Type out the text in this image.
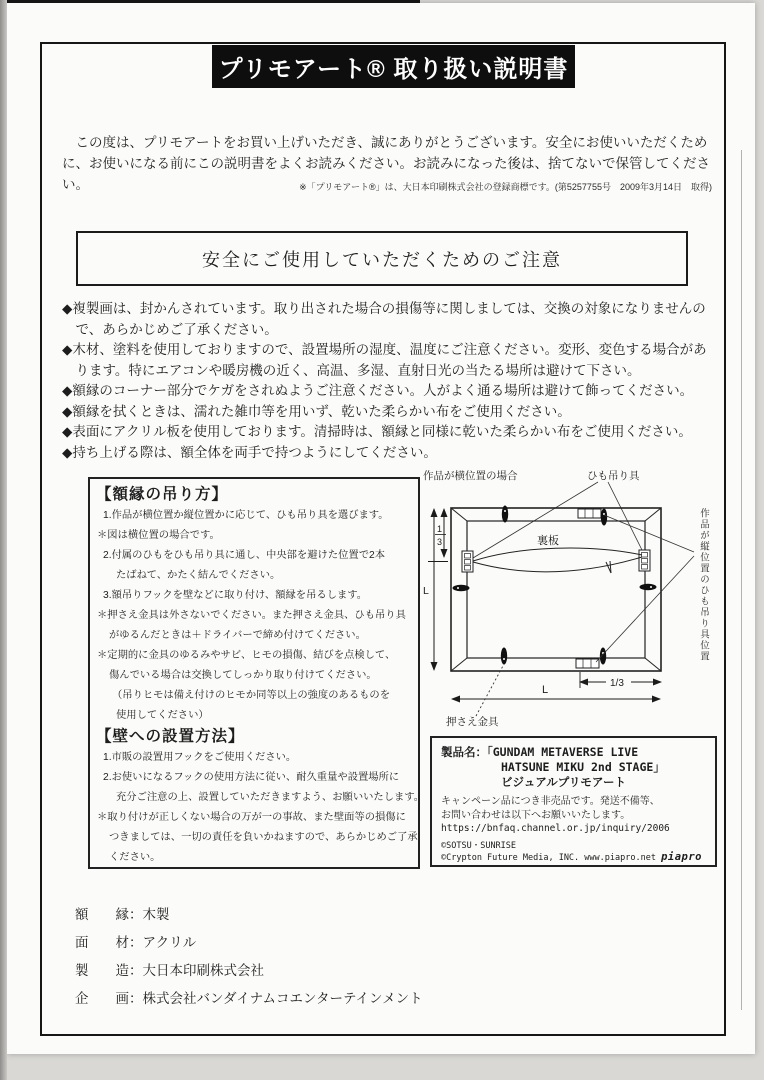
プリモアート® 取り扱い説明書

　この度は、プリモアートをお買い上げいただき、誠にありがとうございます。安全にお使いいただくために、お使いになる前にこの説明書をよくお読みください。お読みになった後は、捨てないで保管してください。	※「プリモアート®」は、大日本印刷株式会社の登録商標です。(第5257755号　2009年3月14日　取得)
安全にご使用していただくためのご注意

◆複製画は、封かんされています。取り出された場合の損傷等に関しましては、交換の対象になりませんので、あらかじめご了承ください。

◆木材、塗料を使用しておりますので、設置場所の湿度、温度にご注意ください。変形、変色する場合があります。特にエアコンや暖房機の近く、高温、多湿、直射日光の当たる場所は避けて下さい。

◆額縁のコーナー部分でケガをされぬようご注意ください。人がよく通る場所は避けて飾ってください。

◆額縁を拭くときは、濡れた雑巾等を用いず、乾いた柔らかい布をご使用ください。

◆表面にアクリル板を使用しております。清掃時は、額縁と同様に乾いた柔らかい布をご使用ください。

◆持ち上げる際は、額全体を両手で持つようにしてください。

【額縁の吊り方】
1.作品が横位置か縦位置かに応じて、ひも吊り具を選びます。
＊図は横位置の場合です。
2.付属のひもをひも吊り具に通し、中央部を避けた位置で2本
たばねて、かたく結んでください。
3.額吊りフックを壁などに取り付け、額縁を吊るします。
＊押さえ金具は外さないでください。また押さえ金具、ひも吊り具
がゆるんだときは＋ドライバーで締め付けてください。
＊定期的に金具のゆるみやサビ、ヒモの損傷、結びを点検して、
傷んでいる場合は交換してしっかり取り付けてください。
（吊りヒモは備え付けのヒモか同等以上の強度のあるものを
使用してください）
【壁への設置方法】
1.市販の設置用フックをご使用ください。
2.お使いになるフックの使用方法に従い、耐久重量や設置場所に
充分ご注意の上、設置していただきますよう、お願いいたします。
＊取り付けが正しくない場合の万が一の事故、また壁面等の損傷に
つきましては、一切の責任を負いかねますので、あらかじめご了承
ください。
作品が横位置の場合	ひも吊り具
裏板
L
1
3
1/3
L
押さえ金具
作品が縦位置のひも吊り具位置
製品名：「GUNDAM METAVERSE LIVE
HATSUNE MIKU 2nd STAGE」
ビジュアルプリモアート
キャンペーン品につき非売品です。発送不備等、
お問い合わせは以下へお願いいたします。
https://bnfaq.channel.or.jp/inquiry/2006
©SOTSU・SUNRISE
©Crypton Future Media, INC. www.piapro.net piapro
額　　縁：木製
面　　材：アクリル
製　　造：大日本印刷株式会社
企　　画：株式会社バンダイナムコエンターテインメント
